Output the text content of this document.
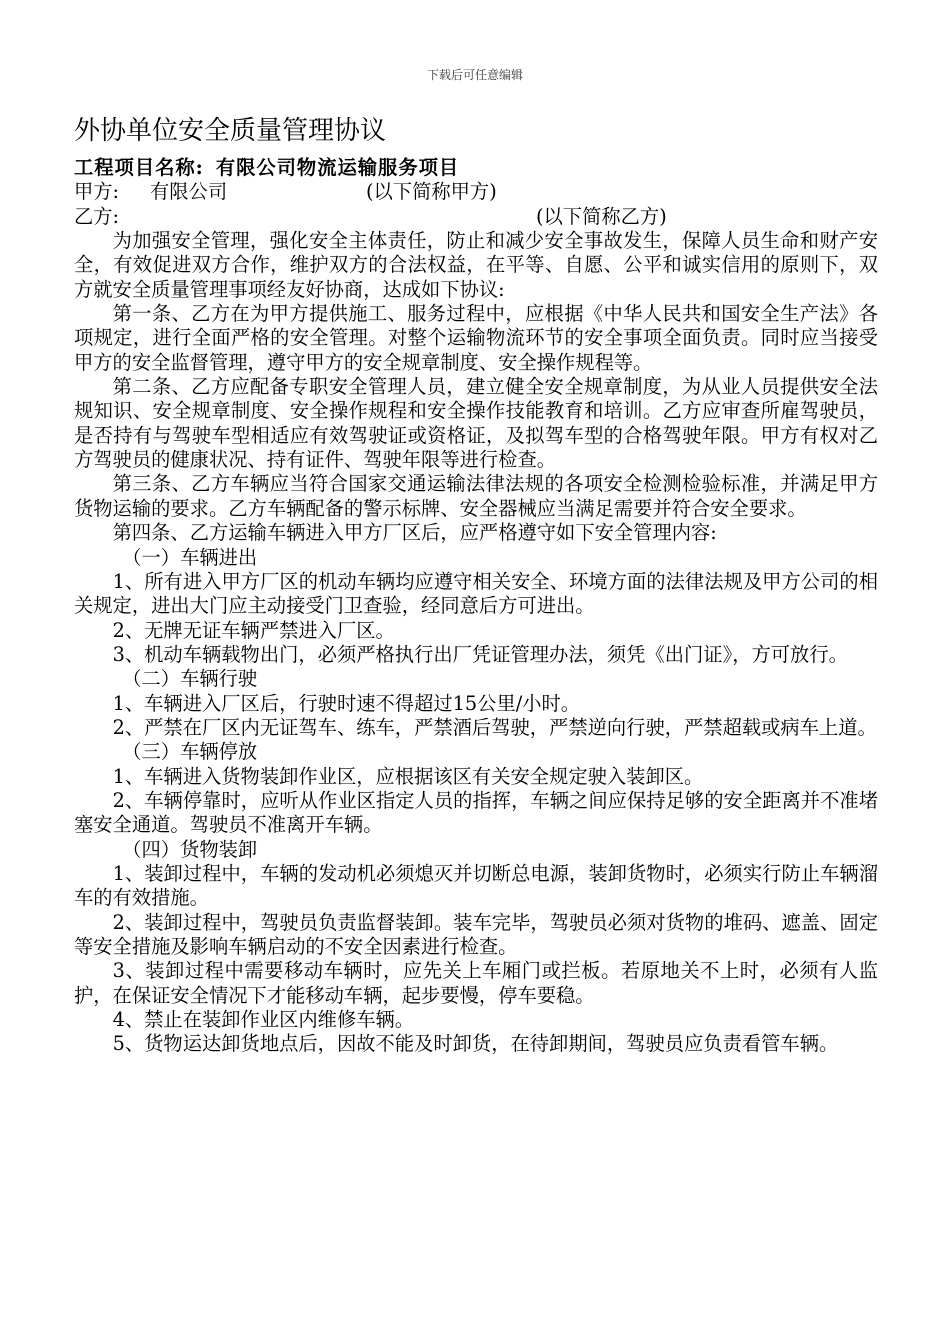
下载后可任意编辑
外协单位安全质量管理协议
工程项目名称: 有限公司物流运输服务项目
甲方: 有限公司	(以下简称甲方)
乙方:	(以下简称乙方)

为加强安全管理，强化安全主体责任，防止和减少安全事故发生，保障人员生命和财产安全，有效促进双方合作，维护双方的合法权益，在平等、自愿、公平和诚实信用的原则下，双方就安全质量管理事项经友好协商，达成如下协议:

第一条、乙方在为甲方提供施工、服务过程中，应根据《中华人民共和国安全生产法》各项规定，进行全面严格的安全管理。对整个运输物流环节的安全事项全面负责。同时应当接受甲方的安全监督管理，遵守甲方的安全规章制度、安全操作规程等。

第二条、乙方应配备专职安全管理人员，建立健全安全规章制度，为从业人员提供安全法规知识、安全规章制度、安全操作规程和安全操作技能教育和培训。乙方应审查所雇驾驶员，是否持有与驾驶车型相适应有效驾驶证或资格证，及拟驾车型的合格驾驶年限。甲方有权对乙方驾驶员的健康状况、持有证件、驾驶年限等进行检查。

第三条、乙方车辆应当符合国家交通运输法律法规的各项安全检测检验标准，并满足甲方货物运输的要求。乙方车辆配备的警示标牌、安全器械应当满足需要并符合安全要求。

第四条、乙方运输车辆进入甲方厂区后，应严格遵守如下安全管理内容:

（一）车辆进出

1、所有进入甲方厂区的机动车辆均应遵守相关安全、环境方面的法律法规及甲方公司的相关规定，进出大门应主动接受门卫查验，经同意后方可进出。

2、无牌无证车辆严禁进入厂区。

3、机动车辆载物出门，必须严格执行出厂凭证管理办法，须凭《出门证》，方可放行。

（二）车辆行驶

1、车辆进入厂区后，行驶时速不得超过15公里/小时。

2、严禁在厂区内无证驾车、练车，严禁酒后驾驶，严禁逆向行驶，严禁超载或病车上道。

（三）车辆停放

1、车辆进入货物装卸作业区，应根据该区有关安全规定驶入装卸区。

2、车辆停靠时，应听从作业区指定人员的指挥，车辆之间应保持足够的安全距离并不准堵塞安全通道。驾驶员不准离开车辆。

（四）货物装卸

1、装卸过程中，车辆的发动机必须熄灭并切断总电源，装卸货物时，必须实行防止车辆溜车的有效措施。

2、装卸过程中，驾驶员负责监督装卸。装车完毕，驾驶员必须对货物的堆码、遮盖、固定等安全措施及影响车辆启动的不安全因素进行检查。

3、装卸过程中需要移动车辆时，应先关上车厢门或拦板。若原地关不上时，必须有人监护，在保证安全情况下才能移动车辆，起步要慢，停车要稳。

4、禁止在装卸作业区内维修车辆。

5、货物运达卸货地点后，因故不能及时卸货，在待卸期间，驾驶员应负责看管车辆。
